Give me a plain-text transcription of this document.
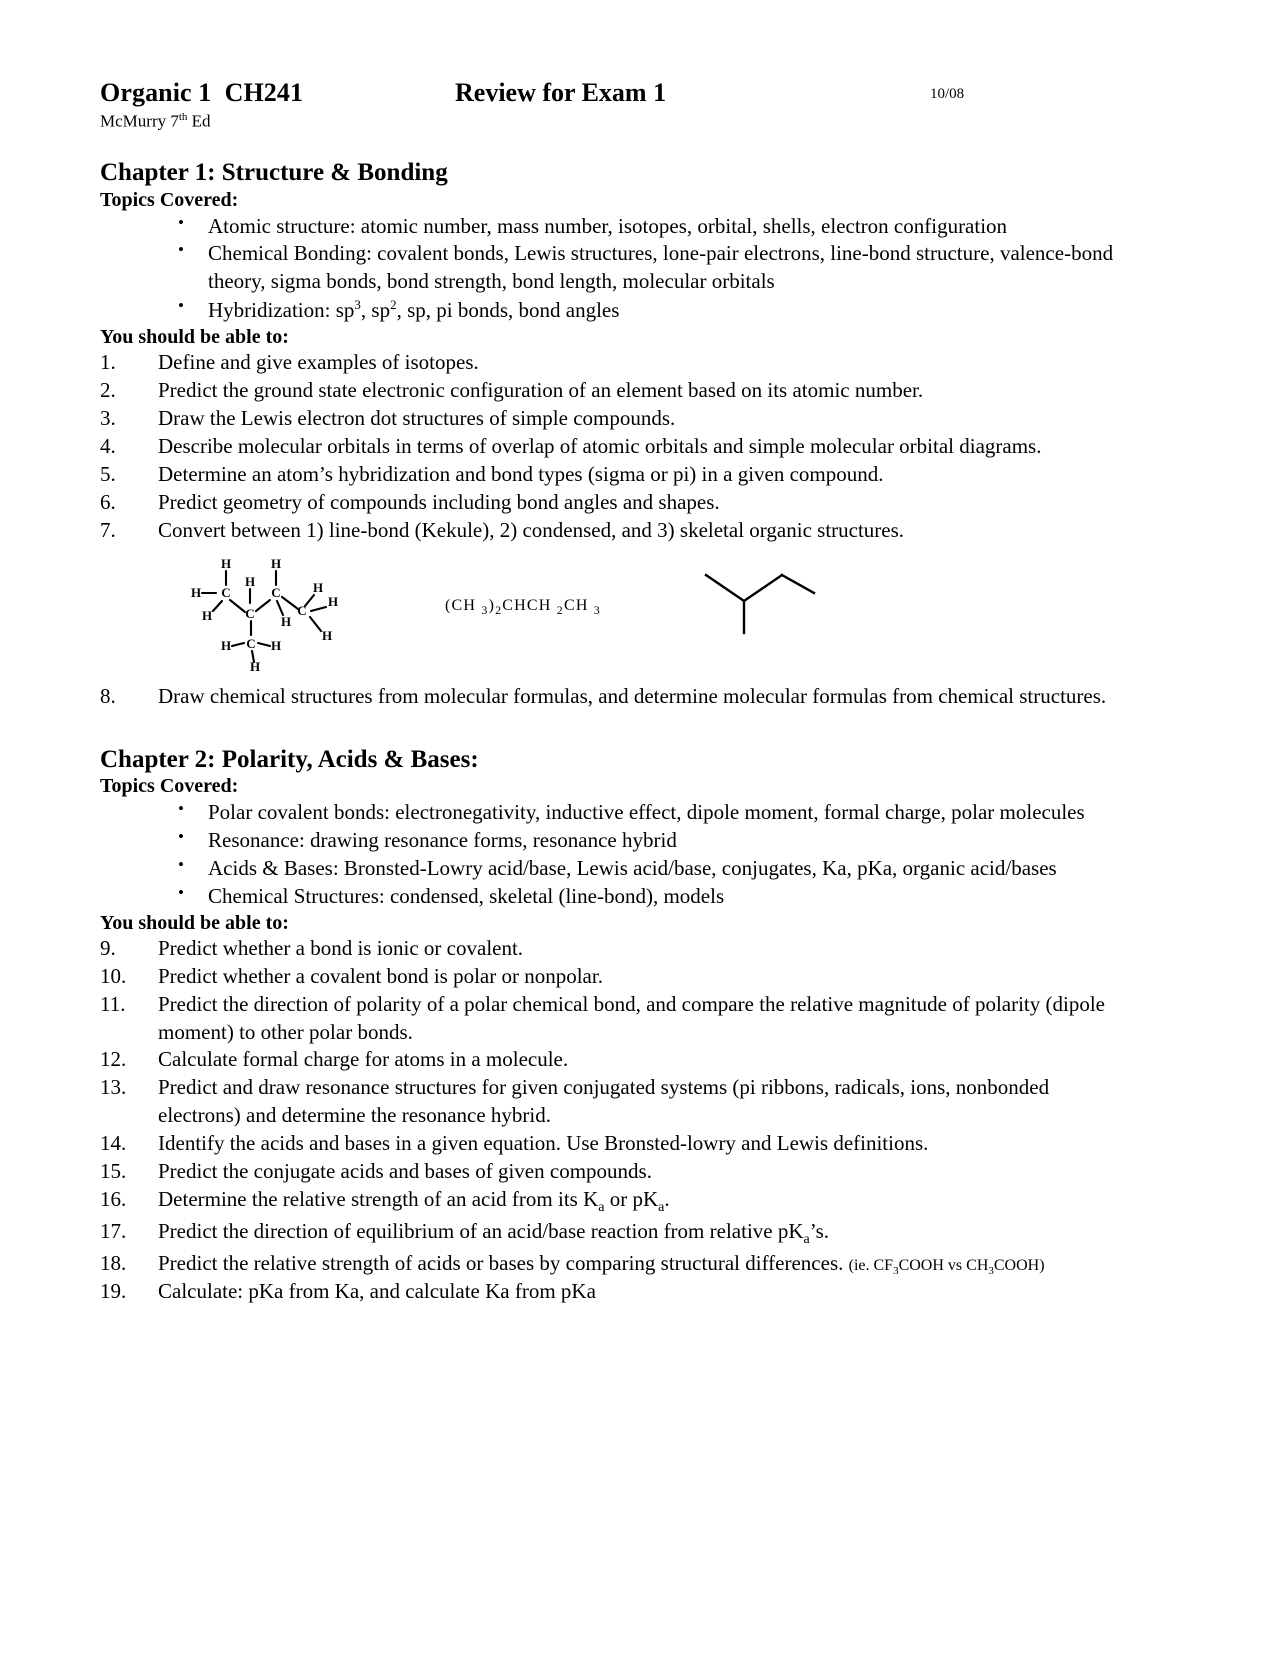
Organic 1  CH241	Review for Exam 1	10/08
McMurry 7th Ed
Chapter 1: Structure & Bonding
Topics Covered:
• Atomic structure: atomic number, mass number, isotopes, orbital, shells, electron configuration
• Chemical Bonding: covalent bonds, Lewis structures, lone-pair electrons, line-bond structure, valence-bond theory, sigma bonds, bond strength, bond length, molecular orbitals
• Hybridization: $sp^3$, $sp^2$, sp, pi bonds, bond angles
You should be able to:
1.	Define and give examples of isotopes.
2.	Predict the ground state electronic configuration of an element based on its atomic number.
3.	Draw the Lewis electron dot structures of simple compounds.
4.	Describe molecular orbitals in terms of overlap of atomic orbitals and simple molecular orbital diagrams.
5.	Determine an atom’s hybridization and bond types (sigma or pi) in a given compound.
6.	Predict geometry of compounds including bond angles and shapes.
7.	Convert between 1) line-bond (Kekule), 2) condensed, and 3) skeletal organic structures.
H
C
H
H
H
C
H
C
H
C
H
H
H
C
H	H
H
(CH $_3)_2CHCH$ $_2$CH $_3$
8.	Draw chemical structures from molecular formulas, and determine molecular formulas from chemical structures.
Chapter 2: Polarity, Acids & Bases:
Topics Covered:
• Polar covalent bonds: electronegativity, inductive effect, dipole moment, formal charge, polar molecules
• Resonance: drawing resonance forms, resonance hybrid
• Acids & Bases: Bronsted-Lowry acid/base, Lewis acid/base, conjugates, Ka, pKa, organic acid/bases
• Chemical Structures: condensed, skeletal (line-bond), models
You should be able to:
9.	Predict whether a bond is ionic or covalent.
10.	Predict whether a covalent bond is polar or nonpolar.
11.	Predict the direction of polarity of a polar chemical bond, and compare the relative magnitude of polarity (dipole moment) to other polar bonds.
12.	Calculate formal charge for atoms in a molecule.
13.	Predict and draw resonance structures for given conjugated systems (pi ribbons, radicals, ions, nonbonded electrons) and determine the resonance hybrid.
14.	Identify the acids and bases in a given equation. Use Bronsted-lowry and Lewis definitions.
15.	Predict the conjugate acids and bases of given compounds.
16.	Determine the relative strength of an acid from its $K_a$ or $pK_a$.
17.	Predict the direction of equilibrium of an acid/base reaction from relative $pK_a’s$.
18.	Predict the relative strength of acids or bases by comparing structural differences. (ie. $CF_3COOH$ vs $CH_3COOH$)
19.	Calculate: pKa from Ka, and calculate Ka from pKa
